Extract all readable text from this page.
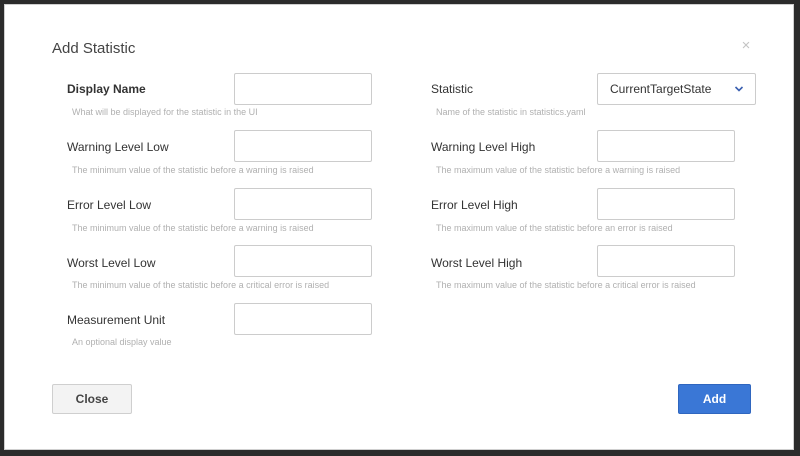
Add Statistic	×
Display Name
What will be displayed for the statistic in the UI
Warning Level Low
The minimum value of the statistic before a warning is raised
Error Level Low
The minimum value of the statistic before a warning is raised
Worst Level Low
The minimum value of the statistic before a critical error is raised
Measurement Unit
An optional display value
Statistic
Name of the statistic in statistics.yaml
CurrentTargetState
Warning Level High
The maximum value of the statistic before a warning is raised
Error Level High
The maximum value of the statistic before an error is raised
Worst Level High
The maximum value of the statistic before a critical error is raised
Close	Add
